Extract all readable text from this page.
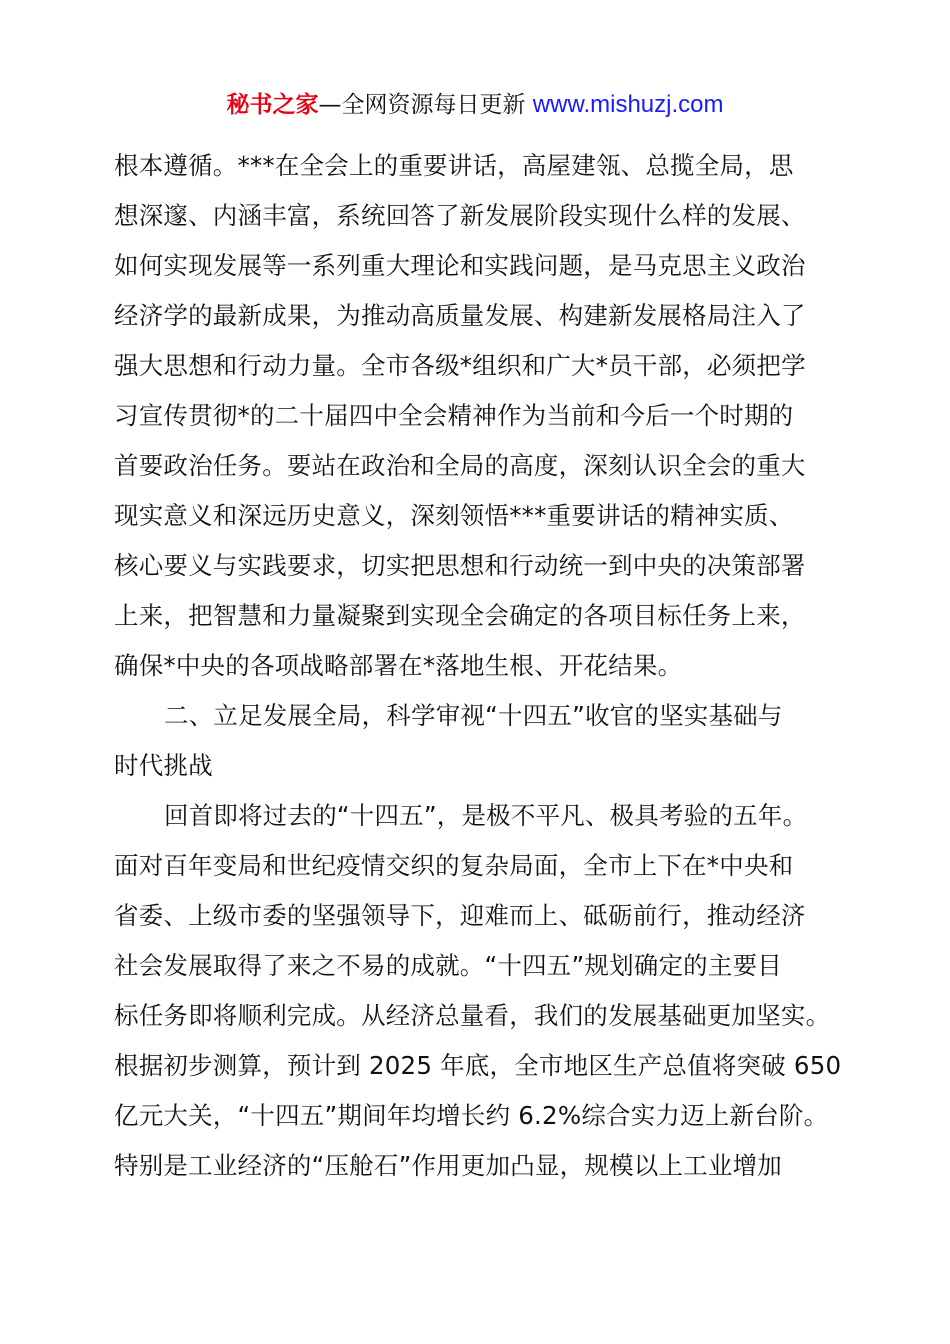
秘书之家—全网资源每日更新 www.mishuzj.com
根本遵循。***在全会上的重要讲话，高屋建瓴、总揽全局，思
想深邃、内涵丰富，系统回答了新发展阶段实现什么样的发展、
如何实现发展等一系列重大理论和实践问题，是马克思主义政治
经济学的最新成果，为推动高质量发展、构建新发展格局注入了
强大思想和行动力量。全市各级*组织和广大*员干部，必须把学
习宣传贯彻*的二十届四中全会精神作为当前和今后一个时期的
首要政治任务。要站在政治和全局的高度，深刻认识全会的重大
现实意义和深远历史意义，深刻领悟***重要讲话的精神实质、
核心要义与实践要求，切实把思想和行动统一到中央的决策部署
上来，把智慧和力量凝聚到实现全会确定的各项目标任务上来，
确保*中央的各项战略部署在*落地生根、开花结果。
二、立足发展全局，科学审视“十四五”收官的坚实基础与
时代挑战
回首即将过去的“十四五”，是极不平凡、极具考验的五年。
面对百年变局和世纪疫情交织的复杂局面，全市上下在*中央和
省委、上级市委的坚强领导下，迎难而上、砥砺前行，推动经济
社会发展取得了来之不易的成就。“十四五”规划确定的主要目
标任务即将顺利完成。从经济总量看，我们的发展基础更加坚实。
根据初步测算，预计到 2025 年底，全市地区生产总值将突破 650
亿元大关，“十四五”期间年均增长约 6.2%综合实力迈上新台阶。
特别是工业经济的“压舱石”作用更加凸显，规模以上工业增加
